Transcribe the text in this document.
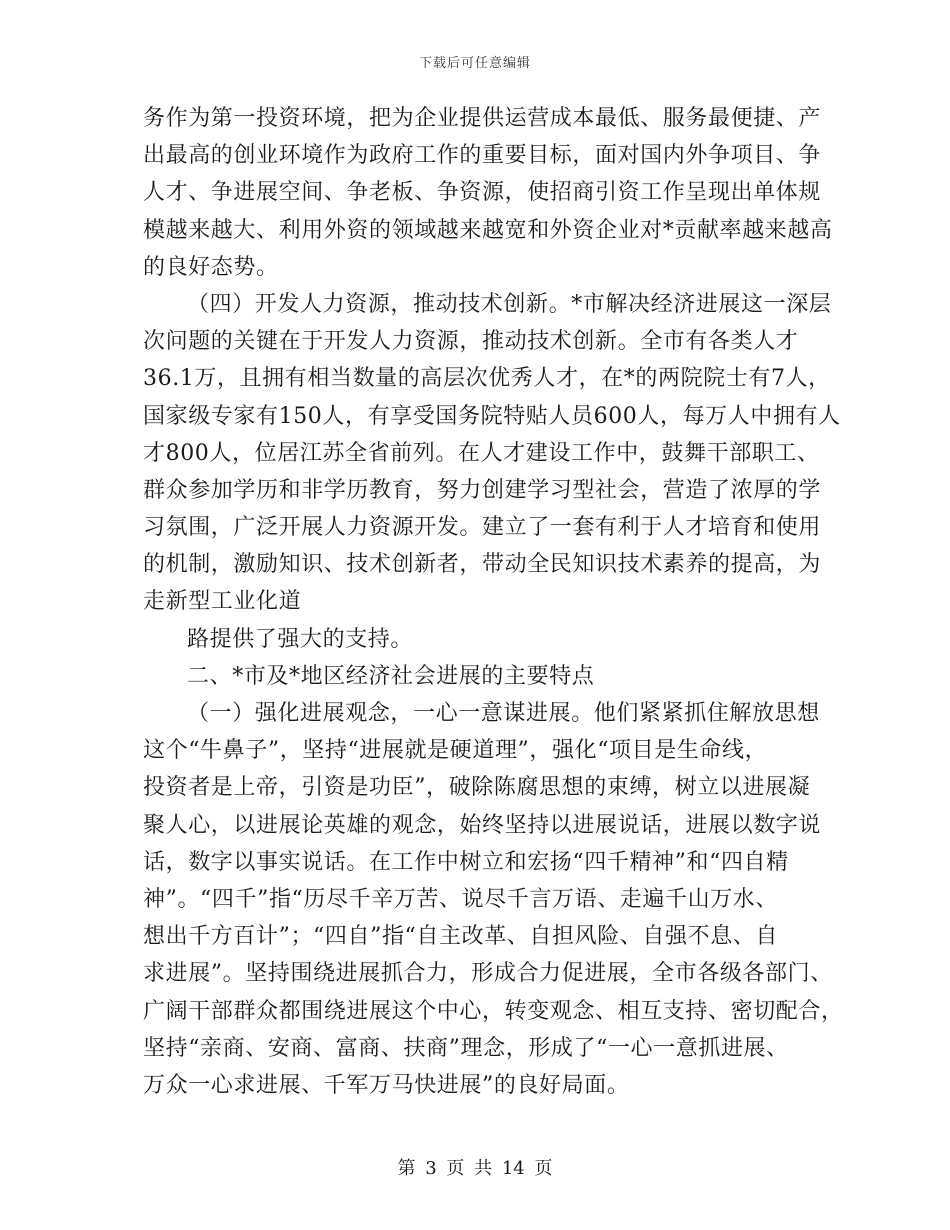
下载后可任意编辑
务作为第一投资环境，把为企业提供运营成本最低、服务最便捷、产
出最高的创业环境作为政府工作的重要目标，面对国内外争项目、争
人才、争进展空间、争老板、争资源，使招商引资工作呈现出单体规
模越来越大、利用外资的领域越来越宽和外资企业对*贡献率越来越高
的良好态势。
（四）开发人力资源，推动技术创新。*市解决经济进展这一深层
次问题的关键在于开发人力资源，推动技术创新。全市有各类人才
36.1万，且拥有相当数量的高层次优秀人才，在*的两院院士有7人，
国家级专家有150人，有享受国务院特贴人员600人，每万人中拥有人
才800人，位居江苏全省前列。在人才建设工作中，鼓舞干部职工、
群众参加学历和非学历教育，努力创建学习型社会，营造了浓厚的学
习氛围，广泛开展人力资源开发。建立了一套有利于人才培育和使用
的机制，激励知识、技术创新者，带动全民知识技术素养的提高，为
走新型工业化道
路提供了强大的支持。
二、*市及*地区经济社会进展的主要特点
（一）强化进展观念，一心一意谋进展。他们紧紧抓住解放思想
这个“牛鼻子”，坚持“进展就是硬道理”，强化“项目是生命线，
投资者是上帝，引资是功臣”，破除陈腐思想的束缚，树立以进展凝
聚人心，以进展论英雄的观念，始终坚持以进展说话，进展以数字说
话，数字以事实说话。在工作中树立和宏扬“四千精神”和“四自精
神”。“四千”指“历尽千辛万苦、说尽千言万语、走遍千山万水、
想出千方百计”；“四自”指“自主改革、自担风险、自强不息、自
求进展”。坚持围绕进展抓合力，形成合力促进展，全市各级各部门、
广阔干部群众都围绕进展这个中心，转变观念、相互支持、密切配合，
坚持“亲商、安商、富商、扶商”理念，形成了“一心一意抓进展、
万众一心求进展、千军万马快进展”的良好局面。
第 3 页 共 14 页
